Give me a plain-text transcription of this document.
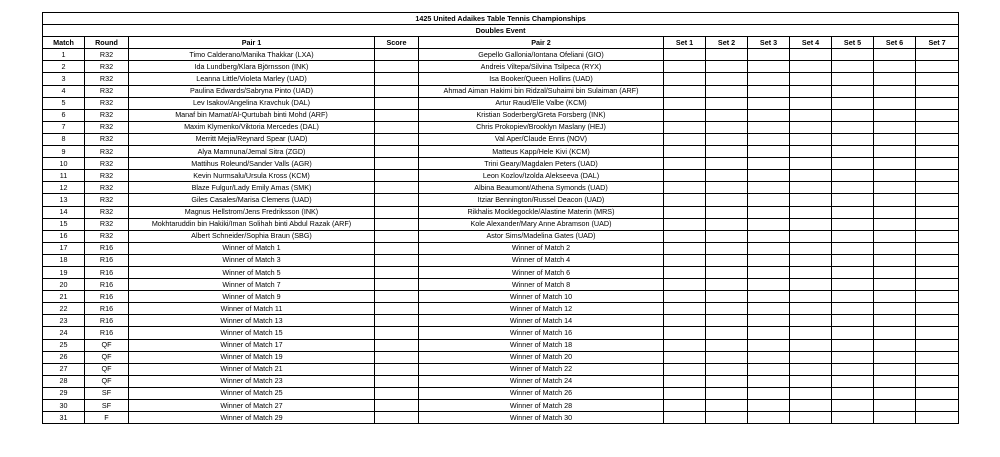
1425 United Adaikes Table Tennis Championships											
Doubles Event											
Match	Round	Pair 1	Score	Pair 2	Set 1	Set 2	Set 3	Set 4	Set 5	Set 6	Set 7
1	R32	Timo Calderano/Manika Thakkar (LXA)		Gepello Gallonia/Iontana Ofeliani (GIO)							
2	R32	Ida Lundberg/Klara Björnsson (INK)		Andreis Viltepa/Silvina Tsilpeca (RYX)							
3	R32	Leanna Little/Violeta Marley (UAD)		Isa Booker/Queen Hollins (UAD)							
4	R32	Paulina Edwards/Sabryna Pinto (UAD)		Ahmad Aiman Hakimi bin Ridzal/Suhaimi bin Sulaiman (ARF)							
5	R32	Lev Isakov/Angelina Kravchuk (DAL)		Artur Raud/Elle Valbe (KCM)							
6	R32	Manaf bin Mamat/Al-Qurtubah binti Mohd (ARF)		Kristian Soderberg/Greta Forsberg (INK)							
7	R32	Maxim Klymenko/Viktoria Mercedes (DAL)		Chris Prokopiev/Brooklyn Maslany (HEJ)							
8	R32	Merritt Mejia/Reynard Spear (UAD)		Val Aper/Claude Enns (NOV)							
9	R32	Alya Mamnuna/Jemal Sitra (ZGD)		Matteus Kapp/Hele Kivi (KCM)							
10	R32	Mattihus Roleund/Sander Valls (AGR)		Trini Geary/Magdalen Peters (UAD)							
11	R32	Kevin Nurmsalu/Ursula Kross (KCM)		Leon Kozlov/Izolda Alekseeva (DAL)							
12	R32	Blaze Fulgur/Lady Emily Amas (SMK)		Albina Beaumont/Athena Symonds (UAD)							
13	R32	Giles Casales/Marisa Clemens (UAD)		Itziar Bennington/Russel Deacon (UAD)							
14	R32	Magnus Hellstrom/Jens Fredriksson (INK)		Rikhalis Mocklegockle/Alastine Materin (MRS)							
15	R32	Mokhtaruddin bin Hakiki/Iman Solihah binti Abdul Razak (ARF)		Kole Alexander/Mary Anne Abramson (UAD)							
16	R32	Albert Schneider/Sophia Braun (SBG)		Astor Sims/Madelina Gates (UAD)							
17	R16	Winner of Match 1		Winner of Match 2							
18	R16	Winner of Match 3		Winner of Match 4							
19	R16	Winner of Match 5		Winner of Match 6							
20	R16	Winner of Match 7		Winner of Match 8							
21	R16	Winner of Match 9		Winner of Match 10							
22	R16	Winner of Match 11		Winner of Match 12							
23	R16	Winner of Match 13		Winner of Match 14							
24	R16	Winner of Match 15		Winner of Match 16							
25	QF	Winner of Match 17		Winner of Match 18							
26	QF	Winner of Match 19		Winner of Match 20							
27	QF	Winner of Match 21		Winner of Match 22							
28	QF	Winner of Match 23		Winner of Match 24							
29	SF	Winner of Match 25		Winner of Match 26							
30	SF	Winner of Match 27		Winner of Match 28							
31	F	Winner of Match 29		Winner of Match 30							
